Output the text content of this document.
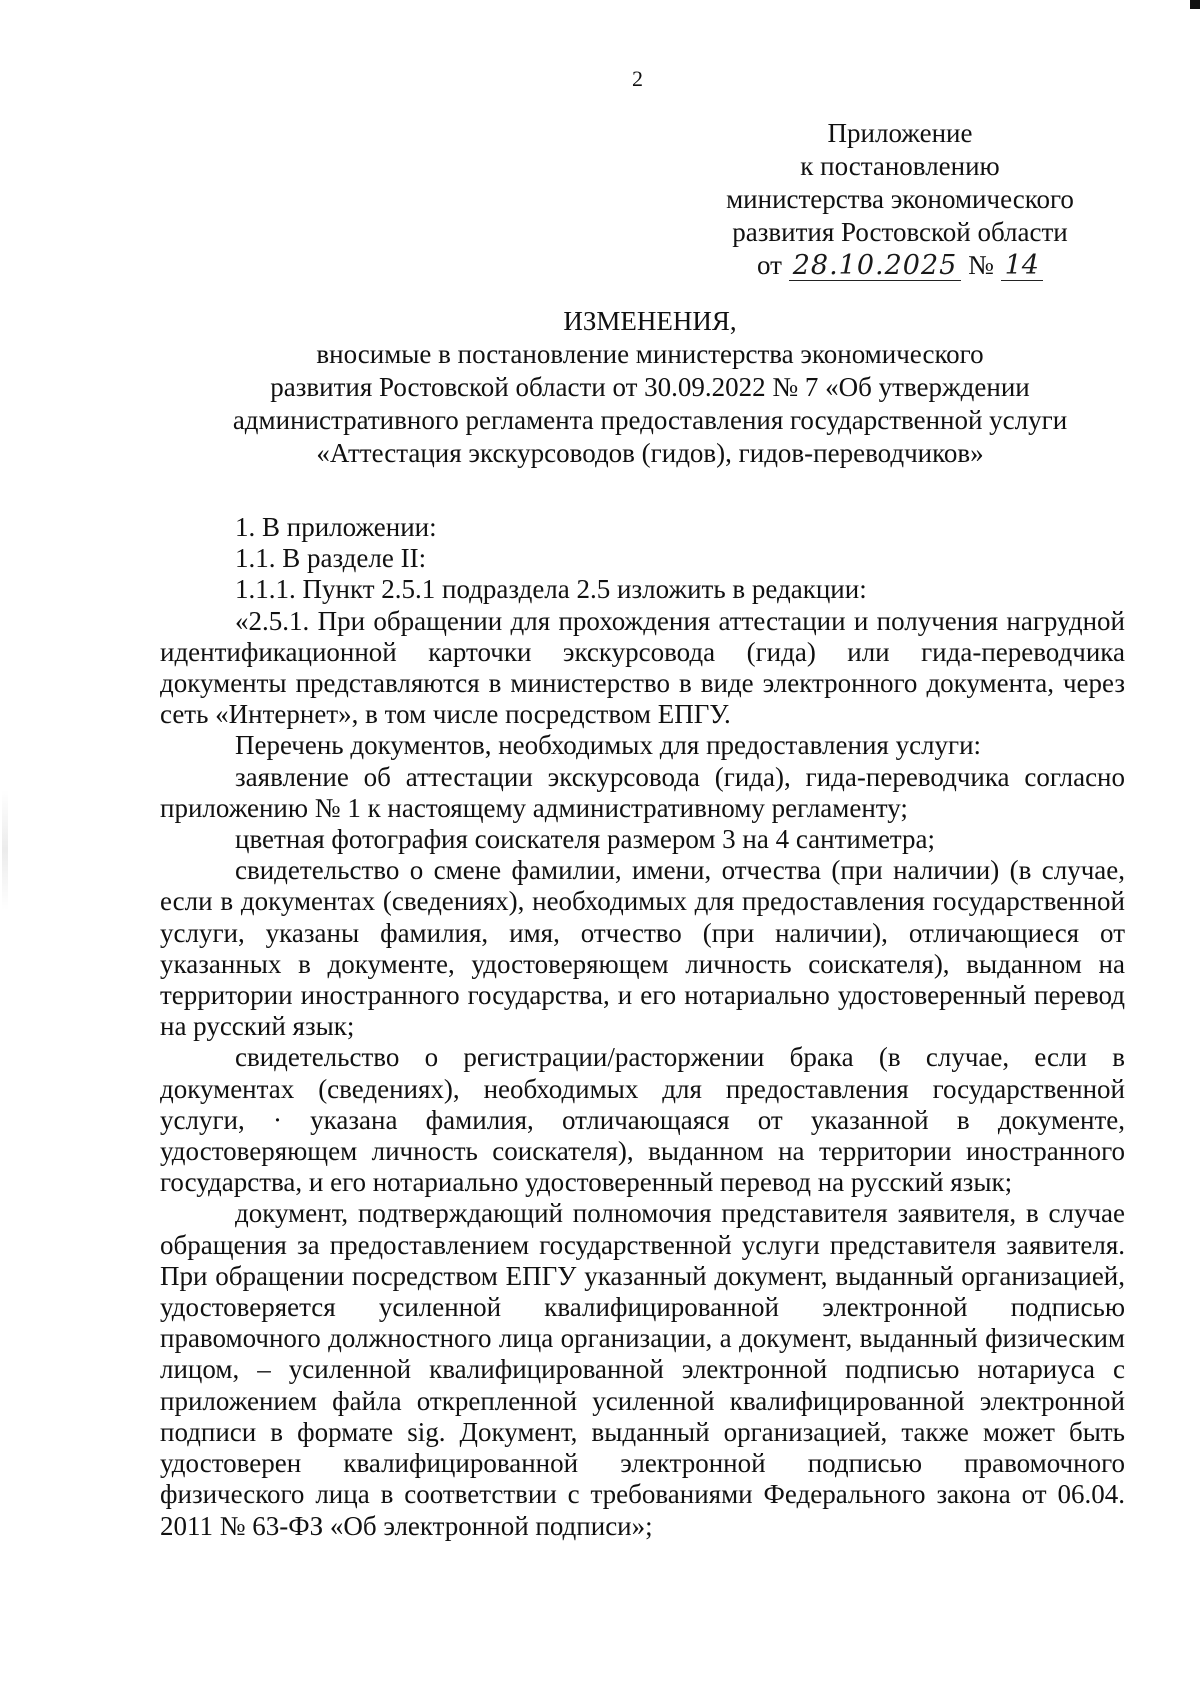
2
Приложение
к постановлению
министерства экономического
развития Ростовской области
от 28.10.2025 № 14
ИЗМЕНЕНИЯ,
вносимые в постановление министерства экономического
развития Ростовской области от 30.09.2022 № 7 «Об утверждении
административного регламента предоставления государственной услуги
«Аттестация экскурсоводов (гидов), гидов-переводчиков»

1. В приложении:

1.1. В разделе II:

1.1.1. Пункт 2.5.1 подраздела 2.5 изложить в редакции:

«2.5.1. При обращении для прохождения аттестации и получения нагрудной идентификационной карточки экскурсовода (гида) или гида-переводчика документы представляются в министерство в виде электронного документа, через сеть «Интернет», в том числе посредством ЕПГУ.

Перечень документов, необходимых для предоставления услуги:

заявление об аттестации экскурсовода (гида), гида-переводчика согласно приложению № 1 к настоящему административному регламенту;

цветная фотография соискателя размером 3 на 4 сантиметра;

свидетельство о смене фамилии, имени, отчества (при наличии) (в случае, если в документах (сведениях), необходимых для предоставления государственной услуги, указаны фамилия, имя, отчество (при наличии), отличающиеся от указанных в документе, удостоверяющем личность соискателя), выданном на территории иностранного государства, и его нотариально удостоверенный перевод на русский язык;

свидетельство о регистрации/расторжении брака (в случае, если в документах (сведениях), необходимых для предоставления государственной услуги, · указана фамилия, отличающаяся от указанной в документе, удостоверяющем личность соискателя), выданном на территории иностранного государства, и его нотариально удостоверенный перевод на русский язык;

документ, подтверждающий полномочия представителя заявителя, в случае обращения за предоставлением государственной услуги представителя заявителя. При обращении посредством ЕПГУ указанный документ, выданный организацией, удостоверяется усиленной квалифицированной электронной подписью правомочного должностного лица организации, а документ, выданный физическим лицом, – усиленной квалифицированной электронной подписью нотариуса с приложением файла открепленной усиленной квалифицированной электронной подписи в формате sig. Документ, выданный организацией, также может быть удостоверен квалифицированной электронной подписью правомочного физического лица в соответствии с требованиями Федерального закона от 06.04. 2011 № 63-ФЗ «Об электронной подписи»;
